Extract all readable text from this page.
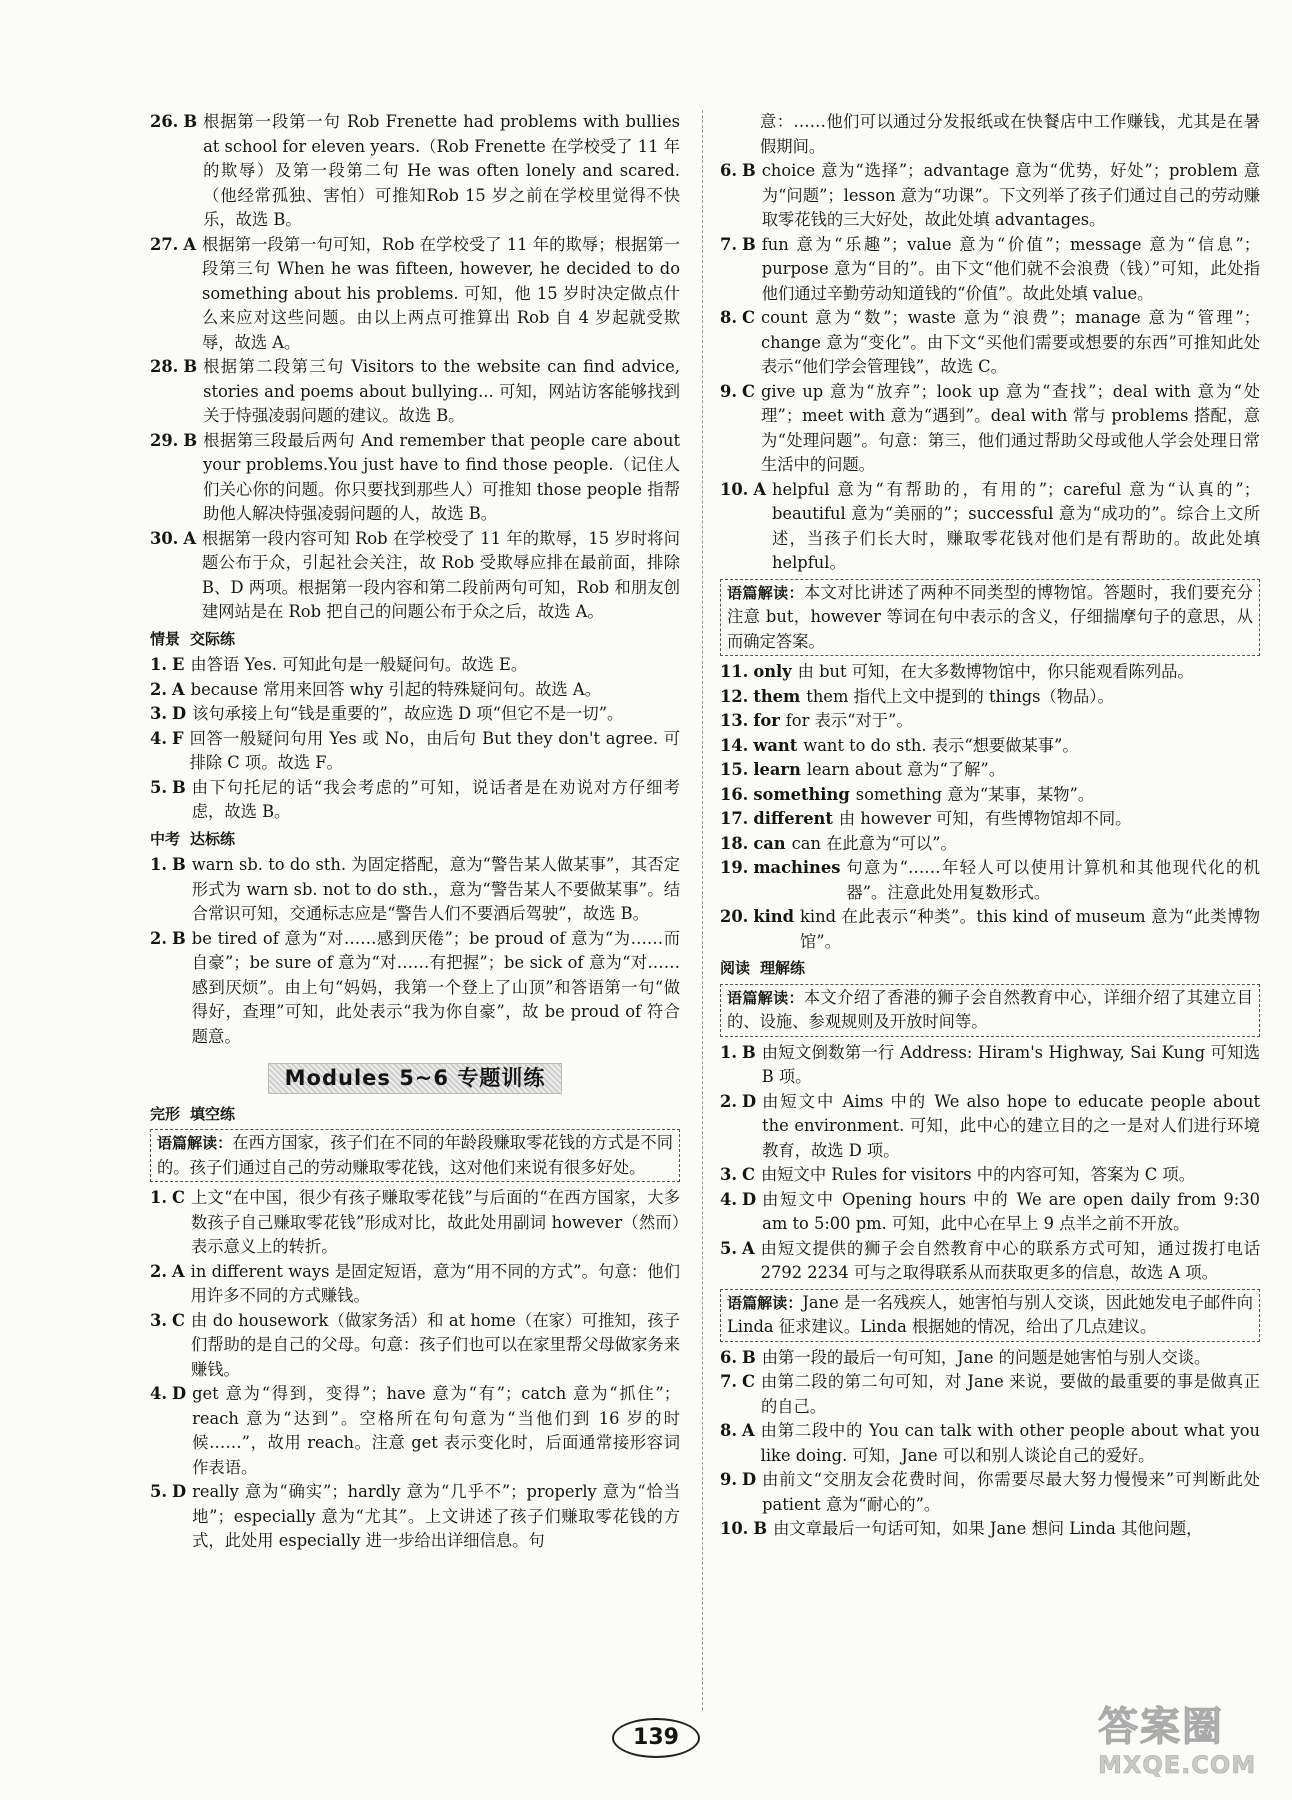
26. B 根据第一段第一句 Rob Frenette had problems with bullies at school for eleven years.（Rob Frenette 在学校受了 11 年的欺辱）及第一段第二句 He was often lonely and scared.（他经常孤独、害怕）可推知Rob 15 岁之前在学校里觉得不快乐，故选 B。
27. A 根据第一段第一句可知，Rob 在学校受了 11 年的欺辱；根据第一段第三句 When he was fifteen, however, he decided to do something about his problems. 可知，他 15 岁时决定做点什么来应对这些问题。由以上两点可推算出 Rob 自 4 岁起就受欺辱，故选 A。
28. B 根据第二段第三句 Visitors to the website can find advice, stories and poems about bullying... 可知，网站访客能够找到关于恃强凌弱问题的建议。故选 B。
29. B 根据第三段最后两句 And remember that people care about your problems.You just have to find those people.（记住人们关心你的问题。你只要找到那些人）可推知 those people 指帮助他人解决恃强凌弱问题的人，故选 B。
30. A 根据第一段内容可知 Rob 在学校受了 11 年的欺辱，15 岁时将问题公布于众，引起社会关注，故 Rob 受欺辱应排在最前面，排除 B、D 两项。根据第一段内容和第二段前两句可知，Rob 和朋友创建网站是在 Rob 把自己的问题公布于众之后，故选 A。
情景 交际练
1. E 由答语 Yes. 可知此句是一般疑问句。故选 E。
2. A because 常用来回答 why 引起的特殊疑问句。故选 A。
3. D 该句承接上句“钱是重要的”，故应选 D 项“但它不是一切”。
4. F 回答一般疑问句用 Yes 或 No，由后句 But they don't agree. 可排除 C 项。故选 F。
5. B 由下句托尼的话“我会考虑的”可知，说话者是在劝说对方仔细考虑，故选 B。
中考 达标练
1. B warn sb. to do sth. 为固定搭配，意为“警告某人做某事”，其否定形式为 warn sb. not to do sth.，意为“警告某人不要做某事”。结合常识可知，交通标志应是“警告人们不要酒后驾驶”，故选 B。
2. B be tired of 意为“对……感到厌倦”；be proud of 意为“为……而自豪”；be sure of 意为“对……有把握”；be sick of 意为“对……感到厌烦”。由上句“妈妈，我第一个登上了山顶”和答语第一句“做得好，查理”可知，此处表示“我为你自豪”，故 be proud of 符合题意。
Modules 5~6 专题训练
完形 填空练
语篇解读：在西方国家，孩子们在不同的年龄段赚取零花钱的方式是不同的。孩子们通过自己的劳动赚取零花钱，这对他们来说有很多好处。
1. C 上文“在中国，很少有孩子赚取零花钱”与后面的“在西方国家，大多数孩子自己赚取零花钱”形成对比，故此处用副词 however（然而）表示意义上的转折。
2. A in different ways 是固定短语，意为“用不同的方式”。句意：他们用许多不同的方式赚钱。
3. C 由 do housework（做家务活）和 at home（在家）可推知，孩子们帮助的是自己的父母。句意：孩子们也可以在家里帮父母做家务来赚钱。
4. D get 意为“得到，变得”；have 意为“有”；catch 意为“抓住”；reach 意为“达到”。空格所在句句意为“当他们到 16 岁的时候……”，故用 reach。注意 get 表示变化时，后面通常接形容词作表语。
5. D really 意为“确实”；hardly 意为“几乎不”；properly 意为“恰当地”；especially 意为“尤其”。上文讲述了孩子们赚取零花钱的方式，此处用 especially 进一步给出详细信息。句
意：……他们可以通过分发报纸或在快餐店中工作赚钱，尤其是在暑假期间。
6. B choice 意为“选择”；advantage 意为“优势，好处”；problem 意为“问题”；lesson 意为“功课”。下文列举了孩子们通过自己的劳动赚取零花钱的三大好处，故此处填 advantages。
7. B fun 意为“乐趣”；value 意为“价值”；message 意为“信息”；purpose 意为“目的”。由下文“他们就不会浪费（钱）”可知，此处指他们通过辛勤劳动知道钱的“价值”。故此处填 value。
8. C count 意为“数”；waste 意为“浪费”；manage 意为“管理”；change 意为“变化”。由下文“买他们需要或想要的东西”可推知此处表示“他们学会管理钱”，故选 C。
9. C give up 意为“放弃”；look up 意为“查找”；deal with 意为“处理”；meet with 意为“遇到”。deal with 常与 problems 搭配，意为“处理问题”。句意：第三，他们通过帮助父母或他人学会处理日常生活中的问题。
10. A helpful 意为“有帮助的，有用的”；careful 意为“认真的”；beautiful 意为“美丽的”；successful 意为“成功的”。综合上文所述，当孩子们长大时，赚取零花钱对他们是有帮助的。故此处填 helpful。
语篇解读：本文对比讲述了两种不同类型的博物馆。答题时，我们要充分注意 but，however 等词在句中表示的含义，仔细揣摩句子的意思，从而确定答案。
11. only 由 but 可知，在大多数博物馆中，你只能观看陈列品。
12. them them 指代上文中提到的 things（物品）。
13. for for 表示“对于”。
14. want want to do sth. 表示“想要做某事”。
15. learn learn about 意为“了解”。
16. something something 意为“某事，某物”。
17. different 由 however 可知，有些博物馆却不同。
18. can can 在此意为“可以”。
19. machines 句意为“……年轻人可以使用计算机和其他现代化的机器”。注意此处用复数形式。
20. kind kind 在此表示“种类”。this kind of museum 意为“此类博物馆”。
阅读 理解练
语篇解读：本文介绍了香港的狮子会自然教育中心，详细介绍了其建立目的、设施、参观规则及开放时间等。
1. B 由短文倒数第一行 Address: Hiram's Highway, Sai Kung 可知选 B 项。
2. D 由短文中 Aims 中的 We also hope to educate people about the environment. 可知，此中心的建立目的之一是对人们进行环境教育，故选 D 项。
3. C 由短文中 Rules for visitors 中的内容可知，答案为 C 项。
4. D 由短文中 Opening hours 中的 We are open daily from 9:30 am to 5:00 pm. 可知，此中心在早上 9 点半之前不开放。
5. A 由短文提供的狮子会自然教育中心的联系方式可知，通过拨打电话 2792 2234 可与之取得联系从而获取更多的信息，故选 A 项。
语篇解读：Jane 是一名残疾人，她害怕与别人交谈，因此她发电子邮件向 Linda 征求建议。Linda 根据她的情况，给出了几点建议。
6. B 由第一段的最后一句可知，Jane 的问题是她害怕与别人交谈。
7. C 由第二段的第二句可知，对 Jane 来说，要做的最重要的事是做真正的自己。
8. A 由第二段中的 You can talk with other people about what you like doing. 可知，Jane 可以和别人谈论自己的爱好。
9. D 由前文“交朋友会花费时间，你需要尽最大努力慢慢来”可判断此处 patient 意为“耐心的”。
10. B 由文章最后一句话可知，如果 Jane 想问 Linda 其他问题，
139	答案圈
MXQE.COM
